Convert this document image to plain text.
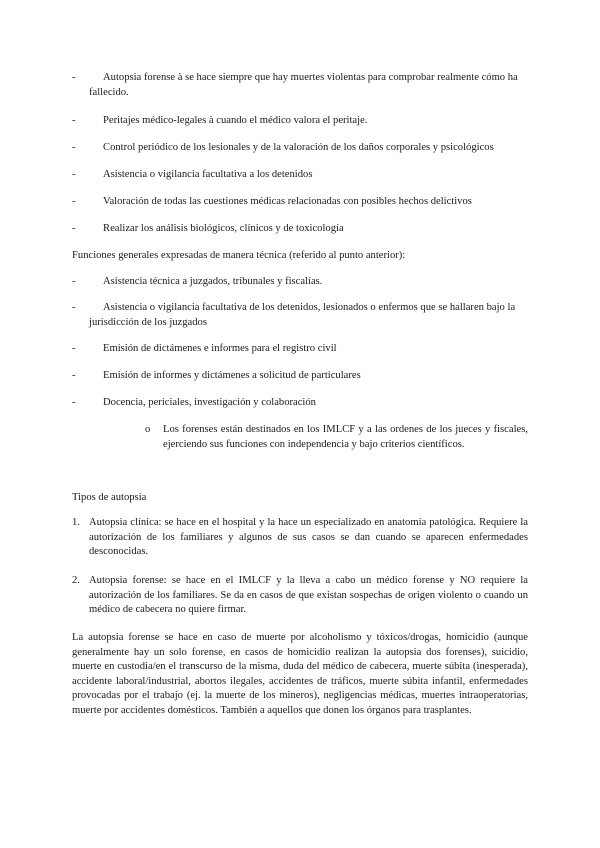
-	Autopsia forense à se hace siempre que hay muertes violentas para comprobar realmente cómo ha fallecido.
-	Peritajes médico-legales à cuando el médico valora el peritaje.
-	Control periódico de los lesionales y de la valoración de los daños corporales y psicológicos
-	Asistencia o vigilancia facultativa a los detenidos
-	Valoración de todas las cuestiones médicas relacionadas con posibles hechos delictivos
-	Realizar los análisis biológicos, clínicos y de toxicología
Funciones generales expresadas de manera técnica (referido al punto anterior):
-	Asistencia técnica a juzgados, tribunales y fiscalías.
-	Asistencia o vigilancia facultativa de los detenidos, lesionados o enfermos que se hallaren bajo la jurisdicción de los juzgados
-	Emisión de dictámenes e informes para el registro civil
-	Emisión de informes y dictámenes a solicitud de particulares
-	Docencia, periciales, investigación y colaboración
o	Los forenses están destinados en los IMLCF y a las ordenes de los jueces y fiscales, ejerciendo sus funciones con independencia y bajo criterios científicos.
Tipos de autopsia
1. Autopsia clínica: se hace en el hospital y la hace un especializado en anatomía patológica. Requiere la autorización de los familiares y algunos de sus casos se dan cuando se aparecen enfermedades desconocidas.
2. Autopsia forense: se hace en el IMLCF y la lleva a cabo un médico forense y NO requiere la autorización de los familiares. Se da en casos de que existan sospechas de origen violento o cuando un médico de cabecera no quiere firmar.
La autopsia forense se hace en caso de muerte por alcoholismo y tóxicos/drogas, homicidio (aunque generalmente hay un solo forense, en casos de homicidio realizan la autopsia dos forenses), suicidio, muerte en custodia/en el transcurso de la misma, duda del médico de cabecera, muerte súbita (inesperada), accidente laboral/industrial, abortos ilegales, accidentes de tráficos, muerte súbita infantil, enfermedades provocadas por el trabajo (ej. la muerte de los mineros), negligencias médicas, muertes intraoperatorias, muerte por accidentes domésticos. También a aquellos que donen los órganos para trasplantes.
